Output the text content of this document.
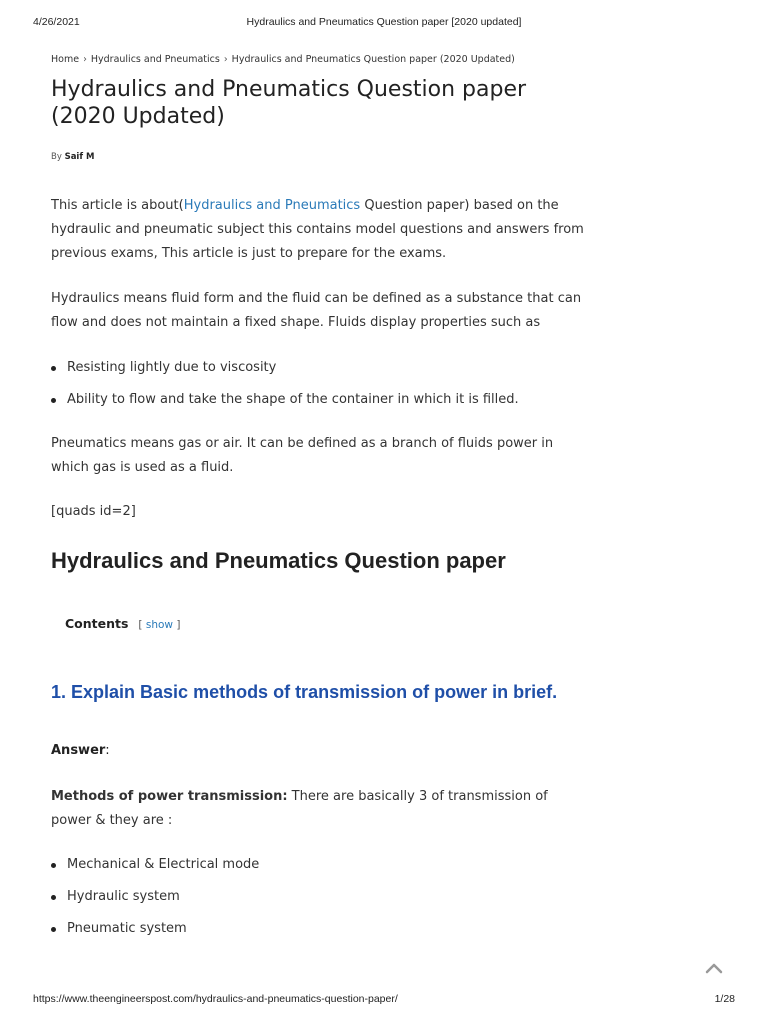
4/26/2021	Hydraulics and Pneumatics Question paper [2020 updated]
Home › Hydraulics and Pneumatics › Hydraulics and Pneumatics Question paper (2020 Updated)
Hydraulics and Pneumatics Question paper (2020 Updated)
By Saif M

This article is about(Hydraulics and Pneumatics Question paper) based on the hydraulic and pneumatic subject this contains model questions and answers from previous exams, This article is just to prepare for the exams.

Hydraulics means fluid form and the fluid can be defined as a substance that can flow and does not maintain a fixed shape. Fluids display properties such as

Resisting lightly due to viscosity
Ability to flow and take the shape of the container in which it is filled.

Pneumatics means gas or air. It can be defined as a branch of fluids power in which gas is used as a fluid.

[quads id=2]

Hydraulics and Pneumatics Question paper
Contents [ show ]
1. Explain Basic methods of transmission of power in brief.
Answer:

Methods of power transmission: There are basically 3 of transmission of power & they are :

Mechanical & Electrical mode
Hydraulic system
Pneumatic system
https://www.theengineerspost.com/hydraulics-and-pneumatics-question-paper/	1/28
